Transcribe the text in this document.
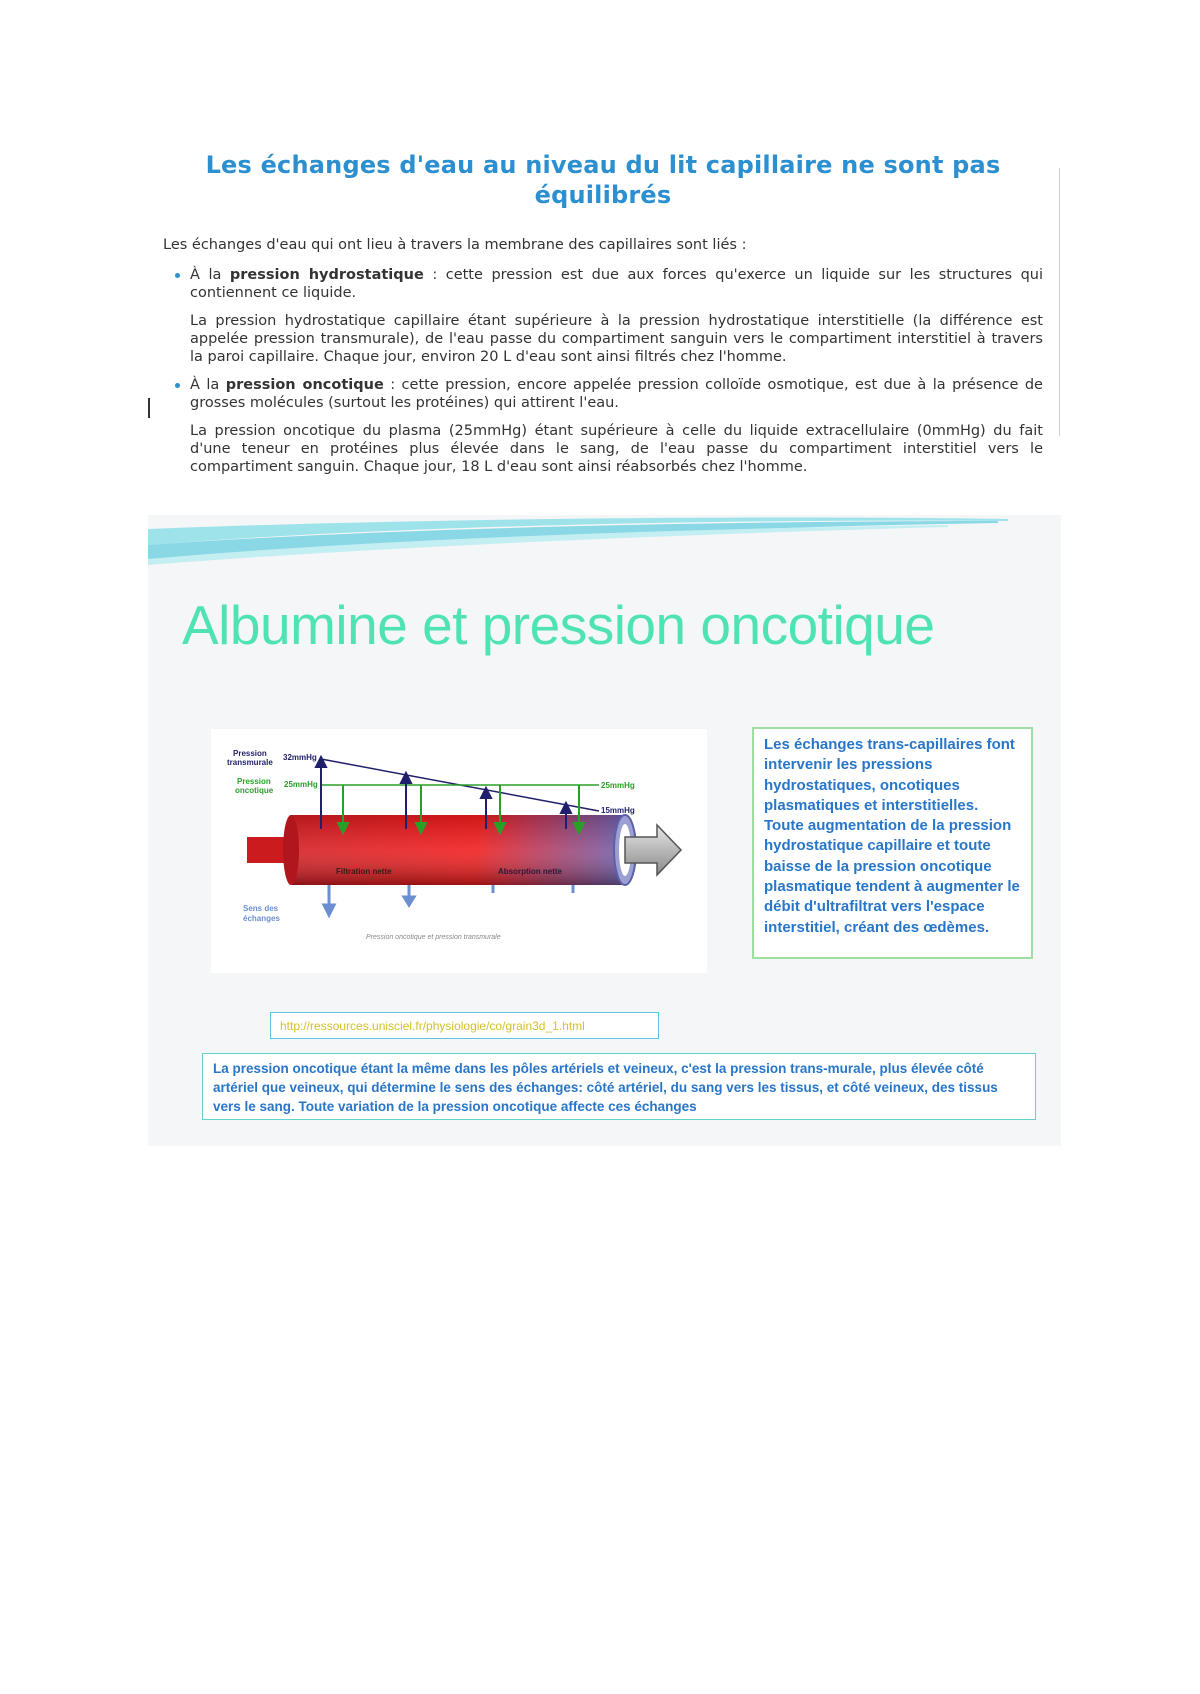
Les échanges d'eau au niveau du lit capillaire ne sont pas équilibrés

Les échanges d'eau qui ont lieu à travers la membrane des capillaires sont liés :

À la pression hydrostatique : cette pression est due aux forces qu'exerce un liquide sur les structures qui contiennent ce liquide.

La pression hydrostatique capillaire étant supérieure à la pression hydrostatique interstitielle (la différence est appelée pression transmurale), de l'eau passe du compartiment sanguin vers le compartiment interstitiel à travers la paroi capillaire. Chaque jour, environ 20 L d'eau sont ainsi filtrés chez l'homme.

À la pression oncotique : cette pression, encore appelée pression colloïde osmotique, est due à la présence de grosses molécules (surtout les protéines) qui attirent l'eau.

La pression oncotique du plasma (25mmHg) étant supérieure à celle du liquide extracellulaire (0mmHg) du fait d'une teneur en protéines plus élevée dans le sang, de l'eau passe du compartiment interstitiel vers le compartiment sanguin. Chaque jour, 18 L d'eau sont ainsi réabsorbés chez l'homme.

Albumine et pression oncotique
Pression
transmurale
32mmHg
Pression
oncotique
25mmHg	25mmHg
15mmHg
Filtration nette	Absorption nette
Sens des
échanges
Pression oncotique et pression transmurale

Les échanges trans-capillaires font intervenir les pressions hydrostatiques, oncotiques plasmatiques et interstitielles. Toute augmentation de la pression hydrostatique capillaire et toute baisse de la pression oncotique plasmatique tendent à augmenter le débit d'ultrafiltrat vers l'espace interstitiel, créant des œdèmes.

http://ressources.unisciel.fr/physiologie/co/grain3d_1.html

La pression oncotique étant la même dans les pôles artériels et veineux, c'est la pression trans-murale, plus élevée côté artériel que veineux, qui détermine le sens des échanges: côté artériel, du sang vers les tissus, et côté veineux, des tissus vers le sang. Toute variation de la pression oncotique affecte ces échanges
